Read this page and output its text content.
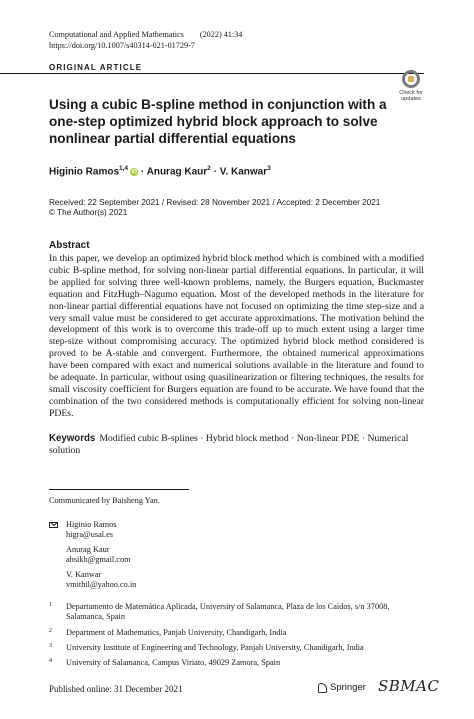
Computational and Applied Mathematics (2022) 41:34
https://doi.org/10.1007/s40314-021-01729-7
ORIGINAL ARTICLE
Check for updates
Using a cubic B-spline method in conjunction with a one-step optimized hybrid block approach to solve nonlinear partial differential equations
Higinio Ramos$^{1,4}$iD · Anurag Kaur$^2$ · V. Kanwar$^3$
Received: 22 September 2021 / Revised: 28 November 2021 / Accepted: 2 December 2021
© The Author(s) 2021
Abstract
In this paper, we develop an optimized hybrid block method which is combined with a modified cubic B-spline method, for solving non-linear partial differential equations. In particular, it will be applied for solving three well-known problems, namely, the Burgers equation, Buckmaster equation and FitzHugh–Nagumo equation. Most of the developed methods in the literature for non-linear partial differential equations have not focused on optimizing the time step-size and a very small value must be considered to get accurate approximations. The motivation behind the development of this work is to overcome this trade-off up to much extent using a larger time step-size without compromising accuracy. The optimized hybrid block method considered is proved to be A-stable and convergent. Furthermore, the obtained numerical approximations have been compared with exact and numerical solutions available in the literature and found to be adequate. In particular, without using quasilinearization or filtering techniques, the results for small viscosity coefficient for Burgers equation are found to be accurate. We have found that the combination of the two considered methods is computationally efficient for solving non-linear PDEs.
Keywords Modified cubic B-splines · Hybrid block method · Non-linear PDE · Numerical solution
Communicated by Baisheng Yan.
Higinio Ramos
higra@usal.es
Anurag Kaur
ahsikh@gmail.com
V. Kanwar
vmithil@yahoo.co.in
1 Departamento de Matemática Aplicada, University of Salamanca, Plaza de los Caídos, s/n 37008, Salamanca, Spain
2 Department of Mathematics, Panjab University, Chandigarh, India
3 University Institute of Engineering and Technology, Panjab University, Chandigarh, India
4 University of Salamanca, Campus Viriato, 49029 Zamora, Spain
Published online: 31 December 2021	Springer SBMAC
